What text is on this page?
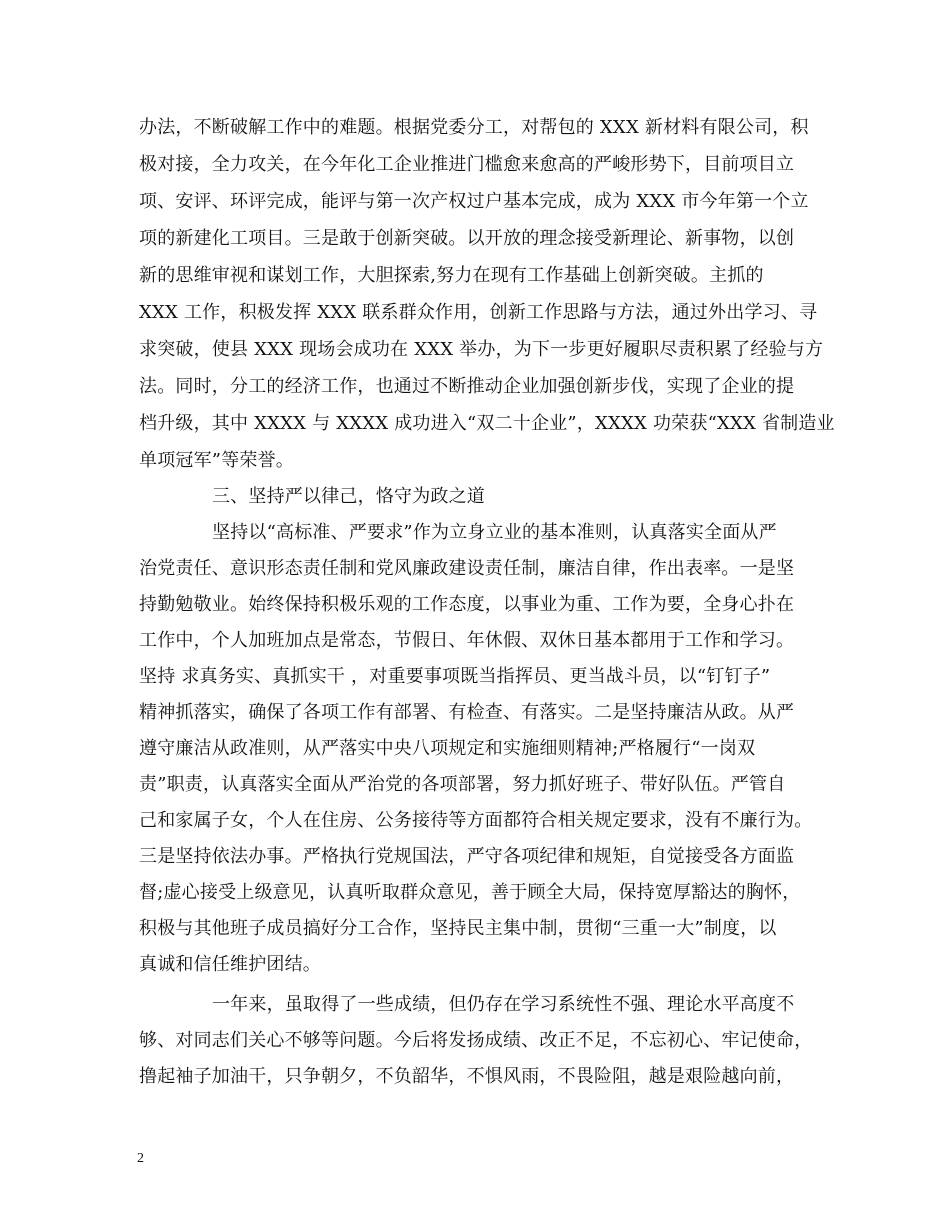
办法，不断破解工作中的难题。根据党委分工，对帮包的 XXX 新材料有限公司，积
极对接，全力攻关，在今年化工企业推进门槛愈来愈高的严峻形势下，目前项目立
项、安评、环评完成，能评与第一次产权过户基本完成，成为 XXX 市今年第一个立
项的新建化工项目。三是敢于创新突破。以开放的理念接受新理论、新事物，以创
新的思维审视和谋划工作，大胆探索,努力在现有工作基础上创新突破。主抓的
XXX 工作，积极发挥 XXX 联系群众作用，创新工作思路与方法，通过外出学习、寻
求突破，使县 XXX 现场会成功在 XXX 举办，为下一步更好履职尽责积累了经验与方
法。同时，分工的经济工作，也通过不断推动企业加强创新步伐，实现了企业的提
档升级，其中 XXXX 与 XXXX 成功进入“双二十企业”，XXXX 功荣获“XXX 省制造业
单项冠军”等荣誉。
三、坚持严以律己，恪守为政之道
坚持以“高标准、严要求”作为立身立业的基本准则，认真落实全面从严
治党责任、意识形态责任制和党风廉政建设责任制，廉洁自律，作出表率。一是坚
持勤勉敬业。始终保持积极乐观的工作态度，以事业为重、工作为要，全身心扑在
工作中，个人加班加点是常态，节假日、年休假、双休日基本都用于工作和学习。
坚持 求真务实、真抓实干 ，对重要事项既当指挥员、更当战斗员，以“钉钉子”
精神抓落实，确保了各项工作有部署、有检查、有落实。二是坚持廉洁从政。从严
遵守廉洁从政准则，从严落实中央八项规定和实施细则精神;严格履行“一岗双
责”职责，认真落实全面从严治党的各项部署，努力抓好班子、带好队伍。严管自
己和家属子女，个人在住房、公务接待等方面都符合相关规定要求，没有不廉行为。
三是坚持依法办事。严格执行党规国法，严守各项纪律和规矩，自觉接受各方面监
督;虚心接受上级意见，认真听取群众意见，善于顾全大局，保持宽厚豁达的胸怀，
积极与其他班子成员搞好分工合作，坚持民主集中制，贯彻“三重一大”制度，以
真诚和信任维护团结。
一年来，虽取得了一些成绩，但仍存在学习系统性不强、理论水平高度不
够、对同志们关心不够等问题。今后将发扬成绩、改正不足，不忘初心、牢记使命，
撸起袖子加油干，只争朝夕，不负韶华，不惧风雨，不畏险阻，越是艰险越向前，
2
